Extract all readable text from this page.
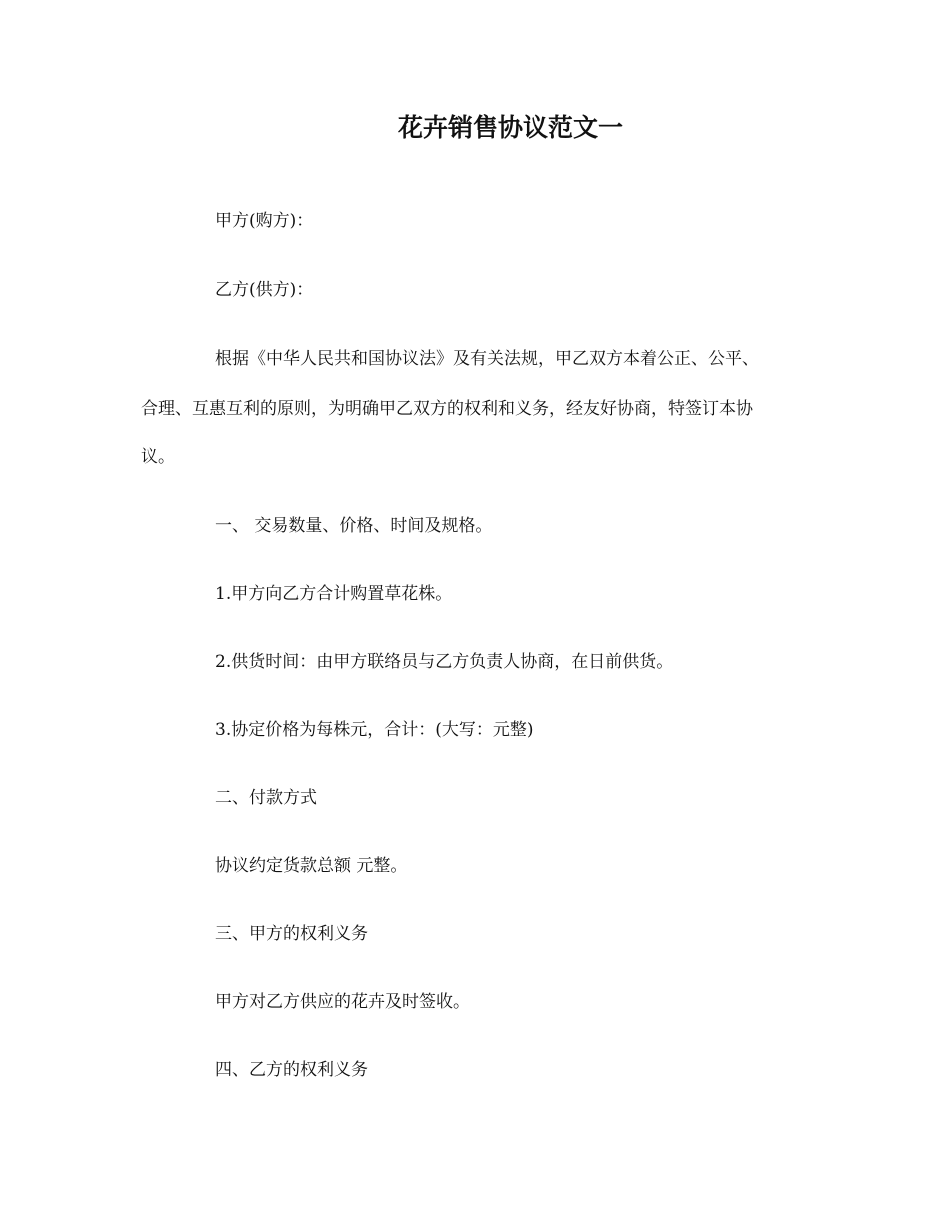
花卉销售协议范文一
甲方(购方)：
乙方(供方)：
根据《中华人民共和国协议法》及有关法规，甲乙双方本着公正、公平、
合理、互惠互利的原则，为明确甲乙双方的权利和义务，经友好协商，特签订本协
议。
一、 交易数量、价格、时间及规格。
1.甲方向乙方合计购置草花株。
2.供货时间：由甲方联络员与乙方负责人协商，在日前供货。
3.协定价格为每株元，合计：(大写：元整)
二、付款方式
协议约定货款总额 元整。
三、甲方的权利义务
甲方对乙方供应的花卉及时签收。
四、乙方的权利义务
